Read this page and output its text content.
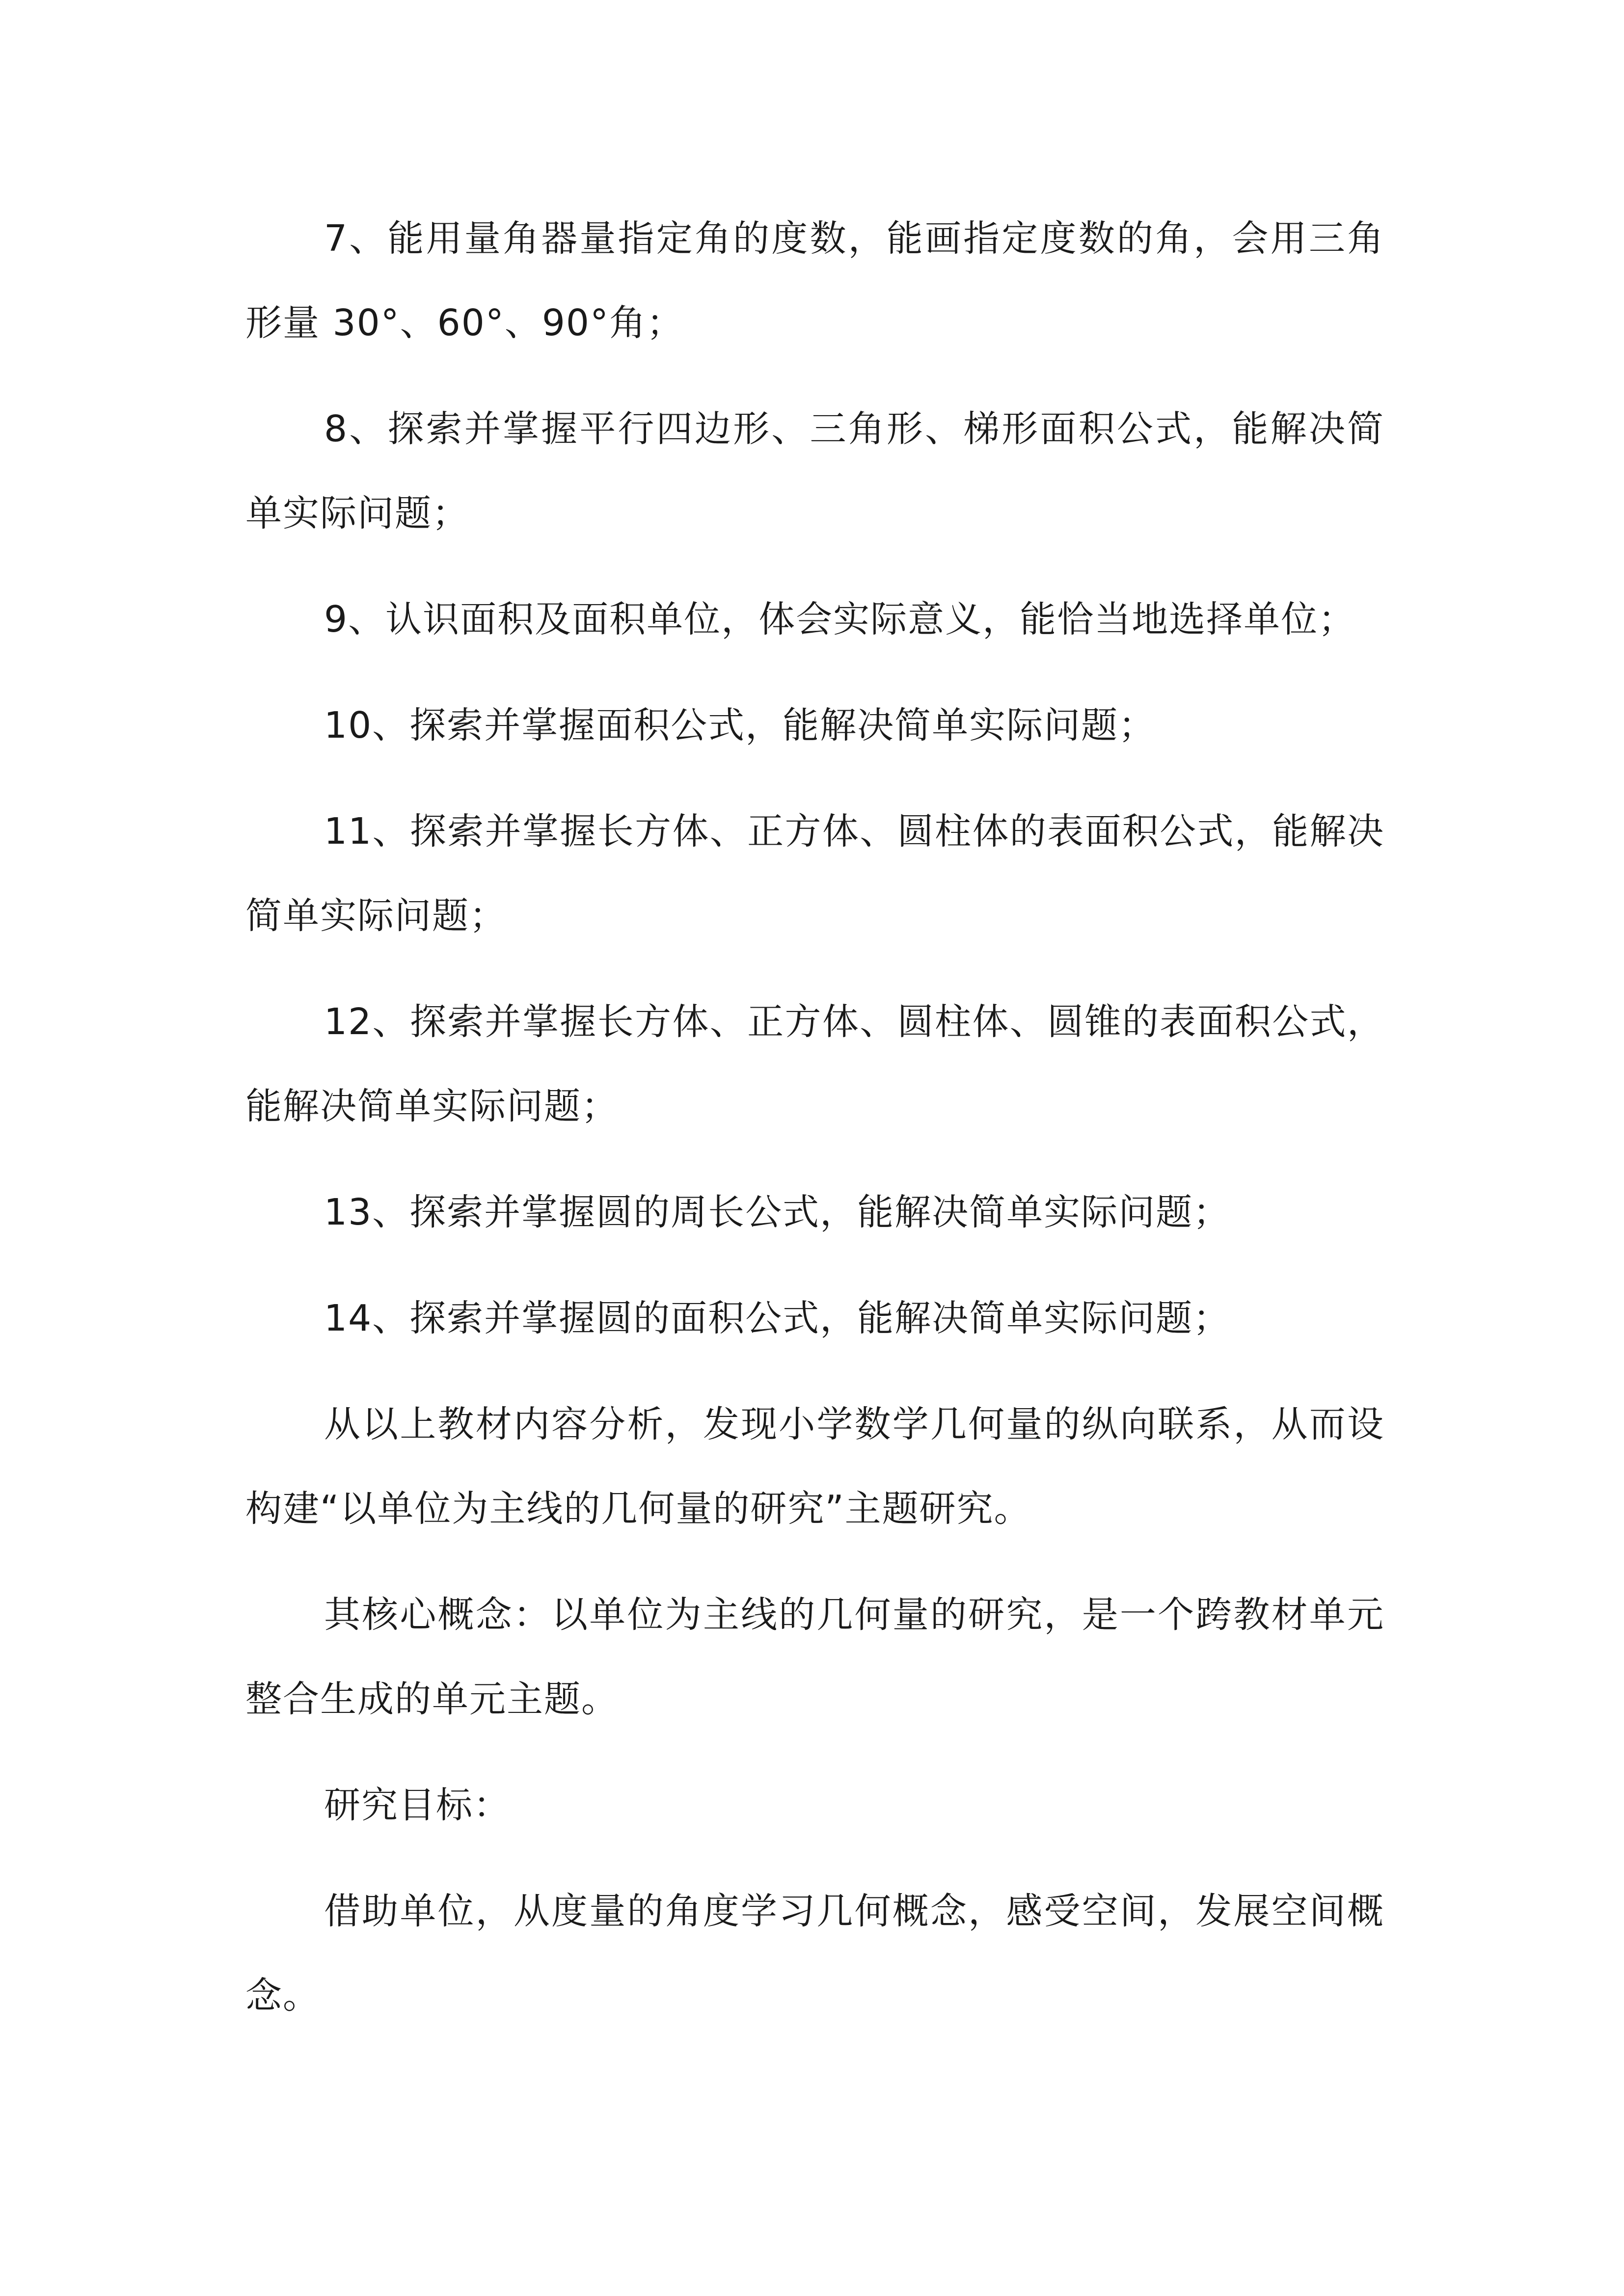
7、能用量角器量指定角的度数，能画指定度数的角，会用三角形量 30°、60°、90°角；

8、探索并掌握平行四边形、三角形、梯形面积公式，能解决简单实际问题；

9、认识面积及面积单位，体会实际意义，能恰当地选择单位；

10、探索并掌握面积公式，能解决简单实际问题；

11、探索并掌握长方体、正方体、圆柱体的表面积公式，能解决简单实际问题；

12、探索并掌握长方体、正方体、圆柱体、圆锥的表面积公式，能解决简单实际问题；

13、探索并掌握圆的周长公式，能解决简单实际问题；

14、探索并掌握圆的面积公式，能解决简单实际问题；

从以上教材内容分析，发现小学数学几何量的纵向联系，从而设构建“以单位为主线的几何量的研究”主题研究。

其核心概念：以单位为主线的几何量的研究，是一个跨教材单元整合生成的单元主题。

研究目标：

借助单位，从度量的角度学习几何概念，感受空间，发展空间概念。
